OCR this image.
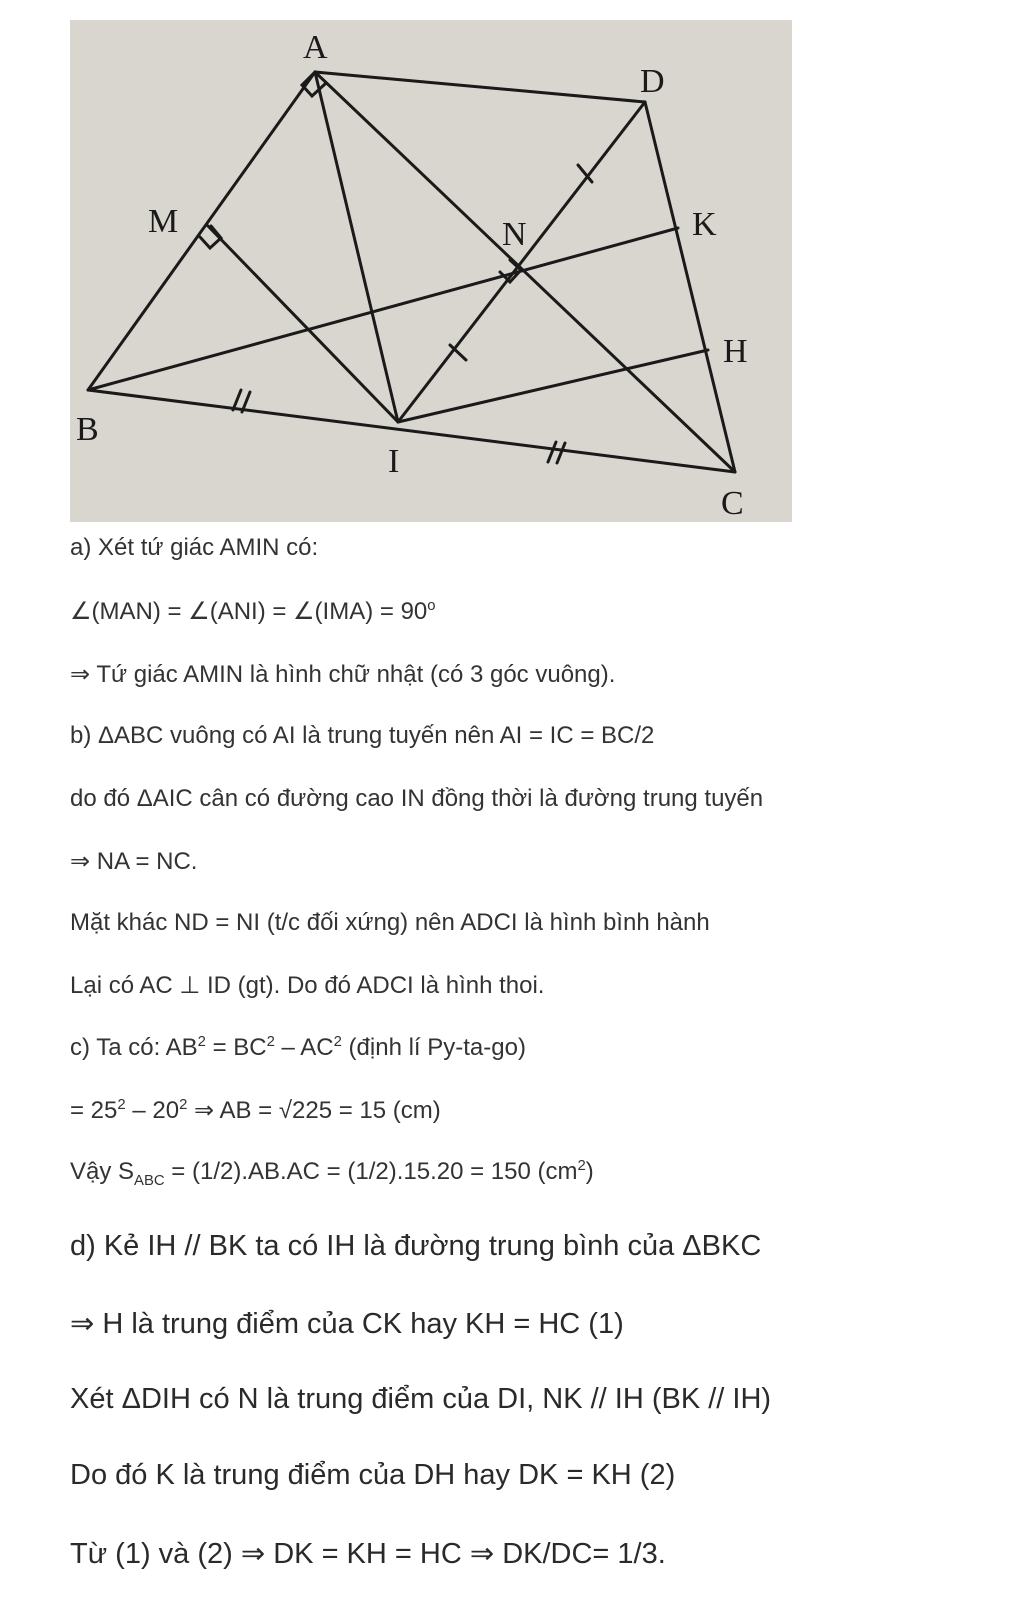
A
D
M	N	K
H
B
I
C
a) Xét tứ giác AMIN có:
∠(MAN) = ∠(ANI) = ∠(IMA) = $90^o$
⇒ Tứ giác AMIN là hình chữ nhật (có 3 góc vuông).
b) ΔABC vuông có AI là trung tuyến nên AI = IC = BC/2
do đó ΔAIC cân có đường cao IN đồng thời là đường trung tuyến
⇒ NA = NC.
Mặt khác ND = NI (t/c đối xứng) nên ADCI là hình bình hành
Lại có AC ⊥ ID (gt). Do đó ADCI là hình thoi.
c) Ta có: $AB^2 = BC^2 - AC^2$ (định lí Py-ta-go)
= $25^2 - 20^2$ ⇒ AB = √225 = 15 (cm)
Vậy $S_{ABC} = (1/2).AB.AC = (1/2).15.20 = 150$ $(cm^2)$
d) Kẻ IH // BK ta có IH là đường trung bình của ΔBKC
⇒ H là trung điểm của CK hay KH = HC (1)
Xét ΔDIH có N là trung điểm của DI, NK // IH (BK // IH)
Do đó K là trung điểm của DH hay DK = KH (2)
Từ (1) và (2) ⇒ DK = KH = HC ⇒ DK/DC= 1/3.
